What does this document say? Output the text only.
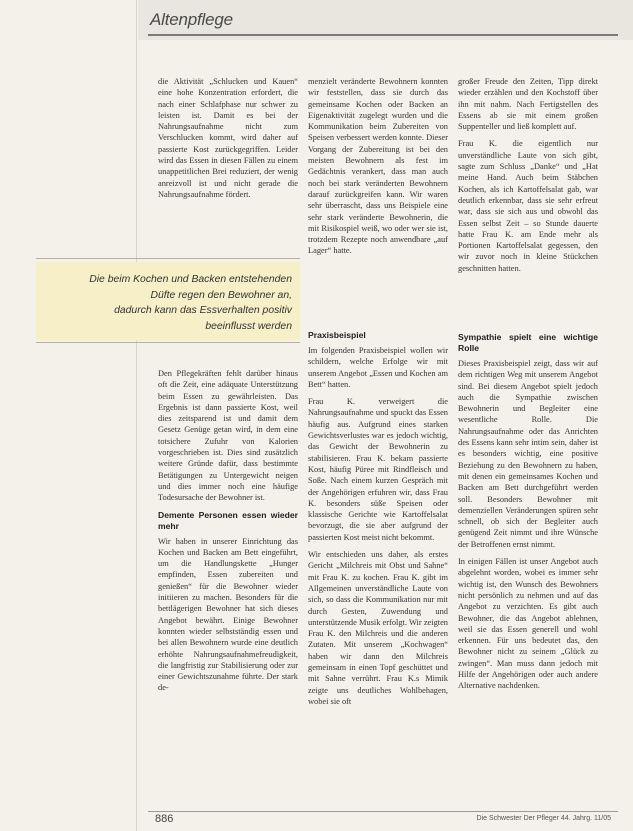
Altenpflege

die Aktivität „Schlucken und Kauen“ eine hohe Konzentration erfordert, die nach einer Schlafphase nur schwer zu leisten ist. Damit es bei der Nahrungsaufnahme nicht zum Verschlucken kommt, wird daher auf passierte Kost zurückgegriffen. Leider wird das Essen in diesen Fällen zu einem unappetitlichen Brei reduziert, der wenig anreizvoll ist und nicht gerade die Nahrungsaufnahme fördert.

Den Pflegekräften fehlt darüber hinaus oft die Zeit, eine adäquate Unterstützung beim Essen zu gewährleisten. Das Ergebnis ist dann passierte Kost, weil dies zeitsparend ist und damit dem Gesetz Genüge getan wird, in dem eine totsichere Zufuhr von Kalorien vorgeschrieben ist. Dies sind zusätzlich weitere Gründe dafür, dass bestimmte Betätigungen zu Untergewicht neigen und dies immer noch eine häufige Todesursache der Bewohner ist.

Demente Personen essen wieder mehr

Wir haben in unserer Einrichtung das Kochen und Backen am Bett eingeführt, um die Handlungskette „Hunger empfinden, Essen zubereiten und genießen“ für die Bewohner wieder initiieren zu machen. Besonders für die bettlägerigen Bewohner hat sich dieses Angebot bewährt. Einige Bewohner konnten wieder selbstständig essen und bei allen Bewohnern wurde eine deutlich erhöhte Nahrungsaufnahmefreudigkeit, die langfristig zur Stabilisierung oder zur einer Gewichtszunahme führte. Der stark de-

menzielt veränderte Bewohnern konnten wir feststellen, dass sie durch das gemeinsame Kochen oder Backen an Eigenaktivität zugelegt wurden und die Kommunikation beim Zubereiten von Speisen verbessert werden konnte. Dieser Vorgang der Zubereitung ist bei den meisten Bewohnern als fest im Gedächtnis verankert, dass man auch noch bei stark veränderten Bewohnern darauf zurückgreifen kann. Wir waren sehr überrascht, dass uns Beispiele eine sehr stark veränderte Bewohnerin, die mit Risikospiel weiß, wo oder wer sie ist, trotzdem Rezepte noch anwendbare „auf Lager“ hatte.

Praxisbeispiel

Im folgenden Praxisbeispiel wollen wir schildern, welche Erfolge wir mit unserem Angebot „Essen und Kochen am Bett“ hatten.

Frau K. verweigert die Nahrungsaufnahme und spuckt das Essen häufig aus. Aufgrund eines starken Gewichtsverlustes war es jedoch wichtig, das Gewicht der Bewohnerin zu stabilisieren. Frau K. bekam passierte Kost, häufig Püree mit Rindfleisch und Soße. Nach einem kurzen Gespräch mit der Angehörigen erfuhren wir, dass Frau K. besonders süße Speisen oder klassische Gerichte wie Kartoffelsalat bevorzugt, die sie aber aufgrund der passierten Kost meist nicht bekommt.

Wir entschieden uns daher, als erstes Gericht „Milchreis mit Obst und Sahne“ mit Frau K. zu kochen. Frau K. gibt im Allgemeinen unverständliche Laute von sich, so dass die Kommunikation nur mit durch Gesten, Zuwendung und unterstützende Musik erfolgt. Wir zeigten Frau K. den Milchreis und die anderen Zutaten. Mit unserem „Kochwagen“ haben wir dann den Milchreis gemeinsam in einen Topf geschüttet und mit Sahne verrührt. Frau K.s Mimik zeigte uns deutliches Wohlbehagen, wobei sie oft

großer Freude den Zeiten, Tipp direkt wieder erzählen und den Kochstoff über ihn mit nahm. Nach Fertigstellen des Essens ab sie mit einem großen Suppenteller und ließ komplett auf.

Frau K. die eigentlich nur unverständliche Laute von sich gibt, sagte zum Schluss „Danke“ und „Hat meine Hand. Auch beim Stäbchen Kochen, als ich Kartoffelsalat gab, war deutlich erkennbar, dass sie sehr erfreut war, dass sie sich aus und obwohl das Essen selbst Zeit – so Stunde dauerte hatte Frau K. am Ende mehr als Portionen Kartoffelsalat gegessen, den wir zuvor noch in kleine Stückchen geschnitten hatten.

Sympathie spielt eine wichtige Rolle

Dieses Praxisbeispiel zeigt, dass wir auf dem richtigen Weg mit unserem Angebot sind. Bei diesem Angebot spielt jedoch auch die Sympathie zwischen Bewohnerin und Begleiter eine wesentliche Rolle. Die Nahrungsaufnahme oder das Anrichten des Essens kann sehr intim sein, daher ist es besonders wichtig, eine positive Beziehung zu den Bewohnern zu haben, mit denen ein gemeinsames Kochen und Backen am Bett durchgeführt werden soll. Besonders Bewohner mit demenziellen Veränderungen spüren sehr schnell, ob sich der Begleiter auch genügend Zeit nimmt und ihre Wünsche der Betroffenen ernst nimmt.

In einigen Fällen ist unser Angebot auch abgelehnt worden, wobei es immer sehr wichtig ist, den Wunsch des Bewohners nicht persönlich zu nehmen und auf das Angebot zu verzichten. Es gibt auch Bewohner, die das Angebot ablehnen, weil sie das Essen generell und wohl erkennen. Für uns bedeutet das, den Bewohner nicht zu seinem „Glück zu zwingen“. Man muss dann jedoch mit Hilfe der Angehörigen oder auch andere Alternative nachdenken.

Die beim Kochen und Backen entstehenden
Düfte regen den Bewohner an,
dadurch kann das Essverhalten positiv
beeinflusst werden
886	Die Schwester Der Pfleger 44. Jahrg. 11/05
